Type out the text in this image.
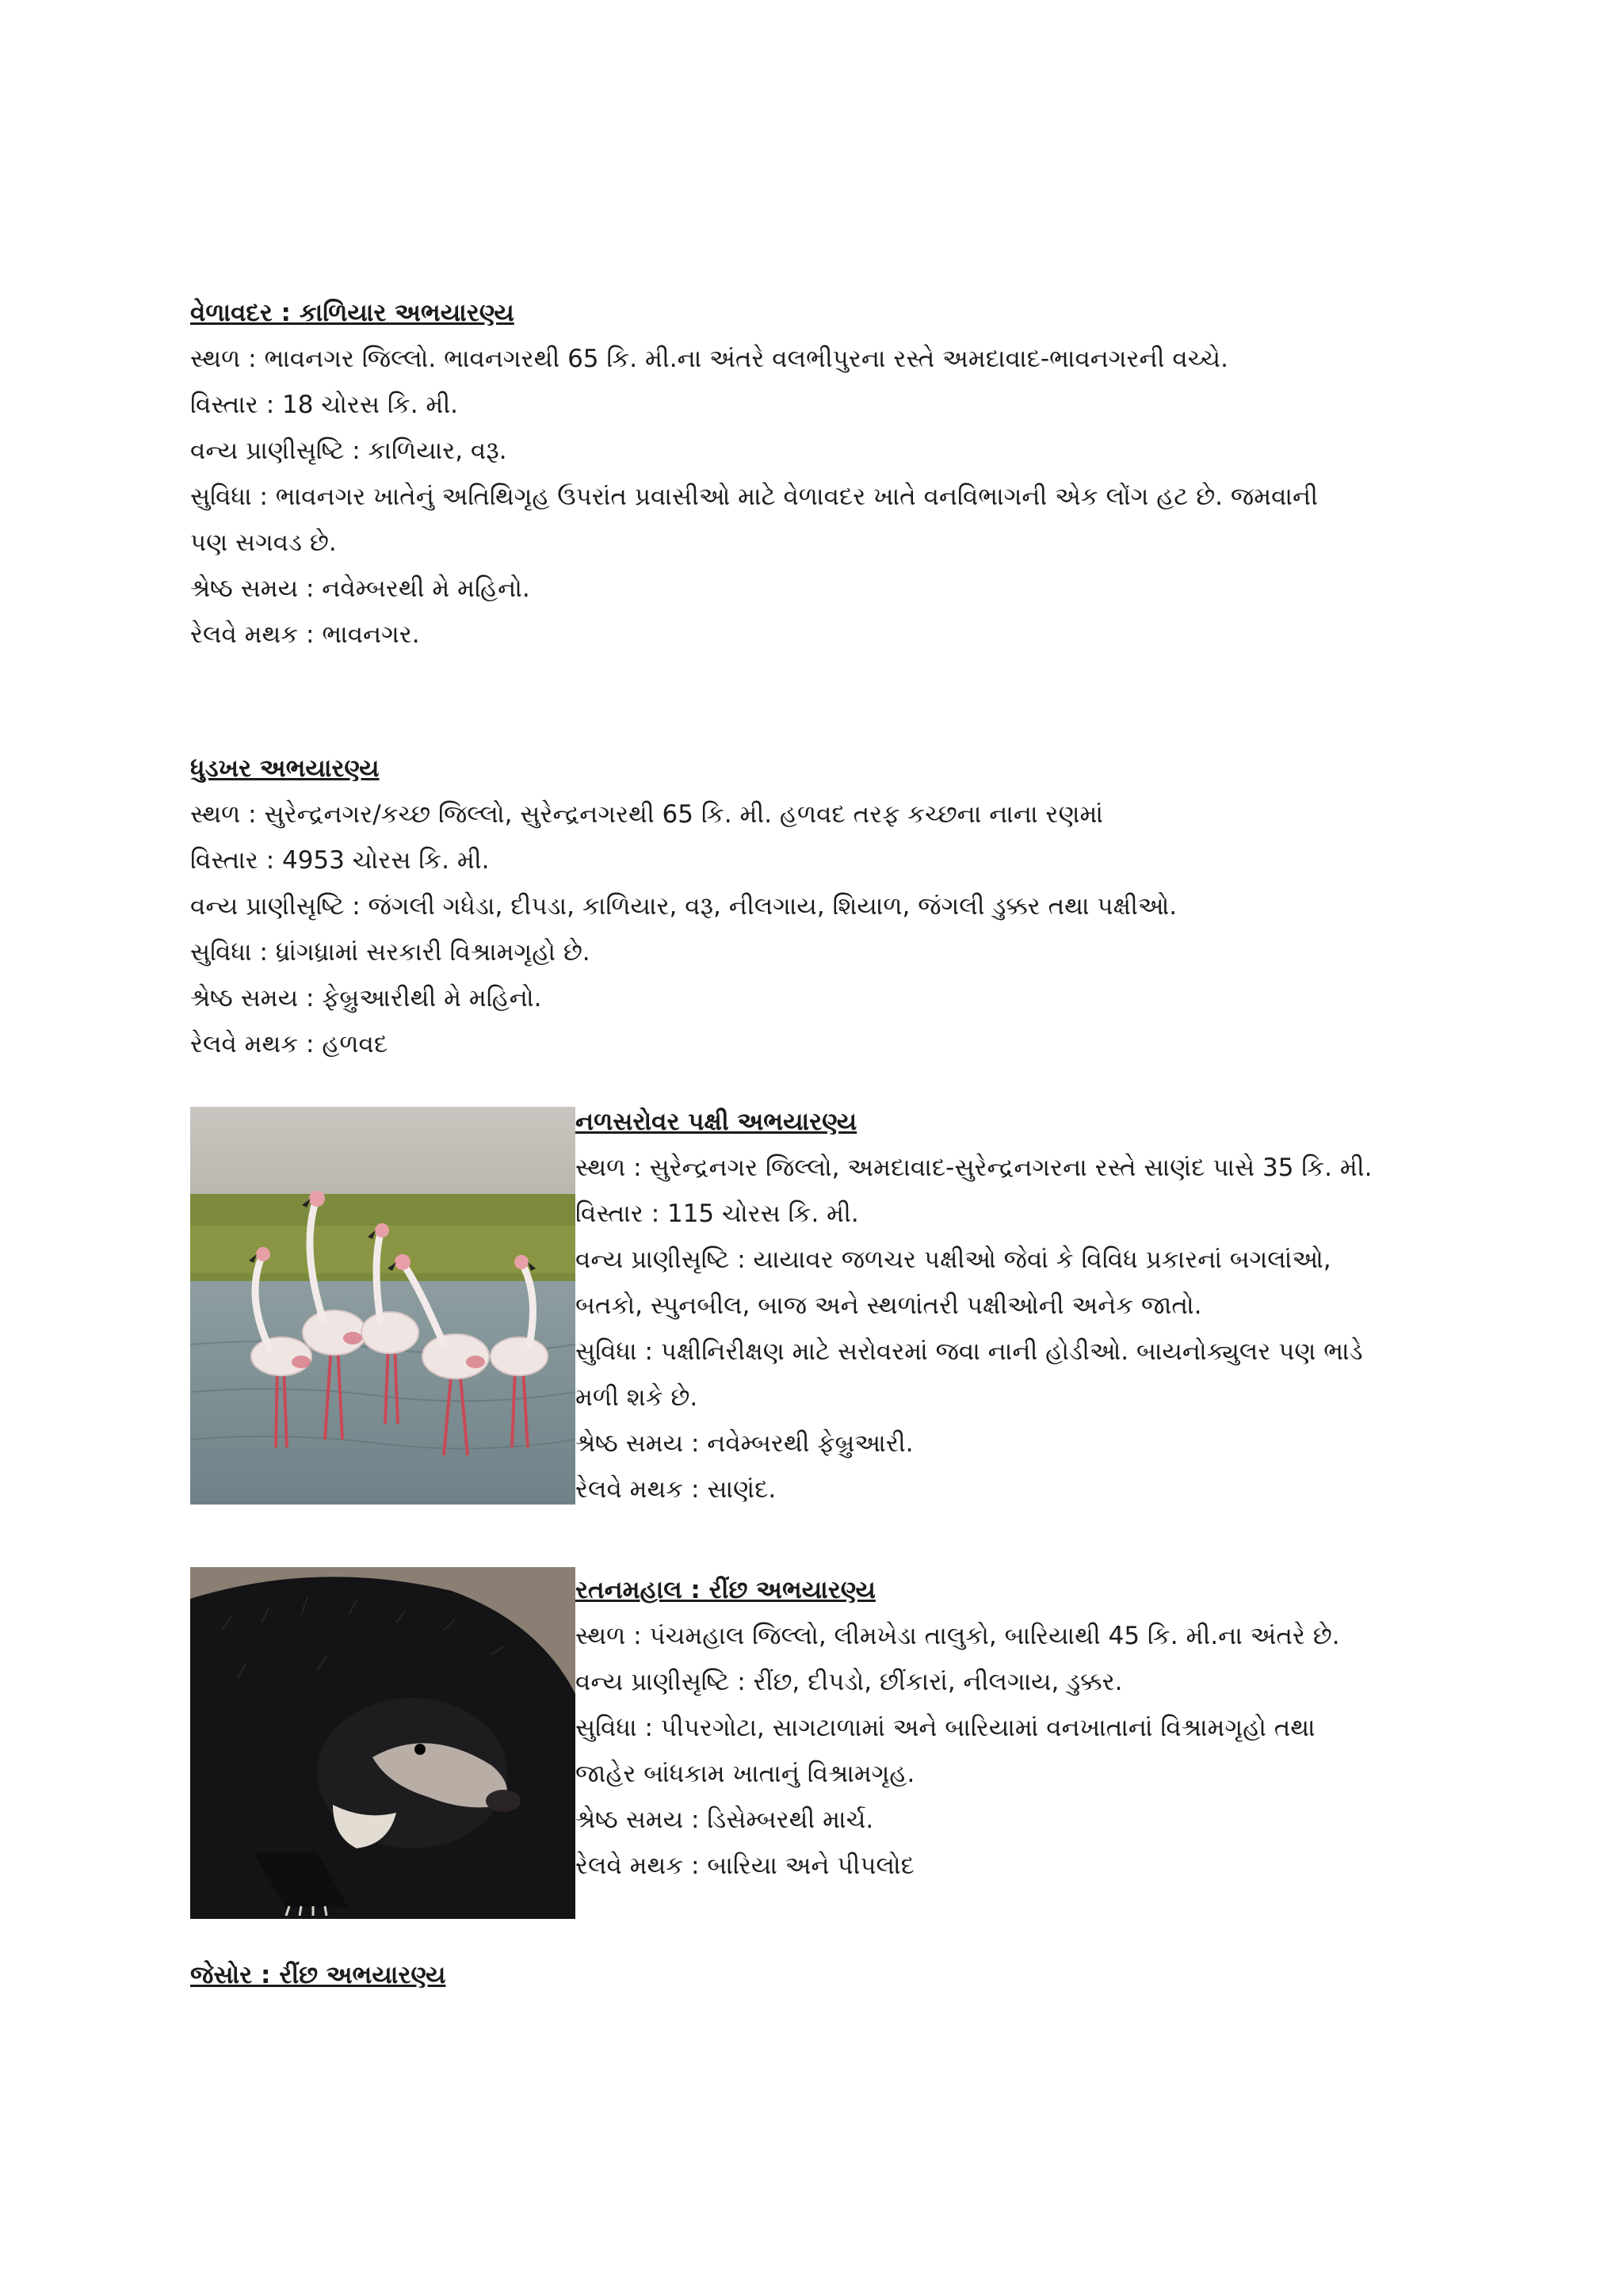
વેળાવદર : કાળિયાર અભયારણ્ય
સ્થળ : ભાવનગર જિલ્લો. ભાવનગરથી 65 કિ. મી.ના અંતરે વલભીપુરના રસ્તે અમદાવાદ-ભાવનગરની વચ્ચે.
વિસ્તાર : 18 ચોરસ કિ. મી.
વન્ય પ્રાણીસૃષ્ટિ : કાળિયાર, વરૂ.
સુવિધા : ભાવનગર ખાતેનું અતિથિગૃહ ઉપરાંત પ્રવાસીઓ માટે વેળાવદર ખાતે વનવિભાગની એક લોંગ હટ છે. જમવાની
પણ સગવડ છે.
શ્રેષ્ઠ સમય : નવેમ્બરથી મે મહિનો.
રેલવે મથક : ભાવનગર.
ધુડખર અભયારણ્ય
સ્થળ : સુરેન્દ્રનગર/કચ્છ જિલ્લો, સુરેન્દ્રનગરથી 65 કિ. મી. હળવદ તરફ કચ્છના નાના રણમાં
વિસ્તાર : 4953 ચોરસ કિ. મી.
વન્ય પ્રાણીસૃષ્ટિ : જંગલી ગધેડા, દીપડા, કાળિયાર, વરૂ, નીલગાય, શિયાળ, જંગલી ડુક્કર તથા પક્ષીઓ.
સુવિધા : ધ્રાંગધ્રામાં સરકારી વિશ્રામગૃહો છે.
શ્રેષ્ઠ સમય : ફેબ્રુઆરીથી મે મહિનો.
રેલવે મથક : હળવદ
નળસરોવર પક્ષી અભયારણ્ય
સ્થળ : સુરેન્દ્રનગર જિલ્લો, અમદાવાદ-સુરેન્દ્રનગરના રસ્તે સાણંદ પાસે 35 કિ. મી.
વિસ્તાર : 115 ચોરસ કિ. મી.
વન્ય પ્રાણીસૃષ્ટિ : યાયાવર જળચર પક્ષીઓ જેવાં કે વિવિધ પ્રકારનાં બગલાંઓ,
બતકો, સ્પુનબીલ, બાજ અને સ્થળાંતરી પક્ષીઓની અનેક જાતો.
સુવિધા : પક્ષીનિરીક્ષણ માટે સરોવરમાં જવા નાની હોડીઓ. બાયનોક્યુલર પણ ભાડે
મળી શકે છે.
શ્રેષ્ઠ સમય : નવેમ્બરથી ફેબ્રુઆરી.
રેલવે મથક : સાણંદ.
રતનમહાલ : રીંછ અભયારણ્ય
સ્થળ : પંચમહાલ જિલ્લો, લીમખેડા તાલુકો, બારિયાથી 45 કિ. મી.ના અંતરે છે.
વન્ય પ્રાણીસૃષ્ટિ : રીંછ, દીપડો, છીંકારાં, નીલગાય, ડુક્કર.
સુવિધા : પીપરગોટા, સાગટાળામાં અને બારિયામાં વનખાતાનાં વિશ્રામગૃહો તથા
જાહેર બાંધકામ ખાતાનું વિશ્રામગૃહ.
શ્રેષ્ઠ સમય : ડિસેમ્બરથી માર્ચ.
રેલવે મથક : બારિયા અને પીપલોદ
જેસોર : રીંછ અભયારણ્ય
